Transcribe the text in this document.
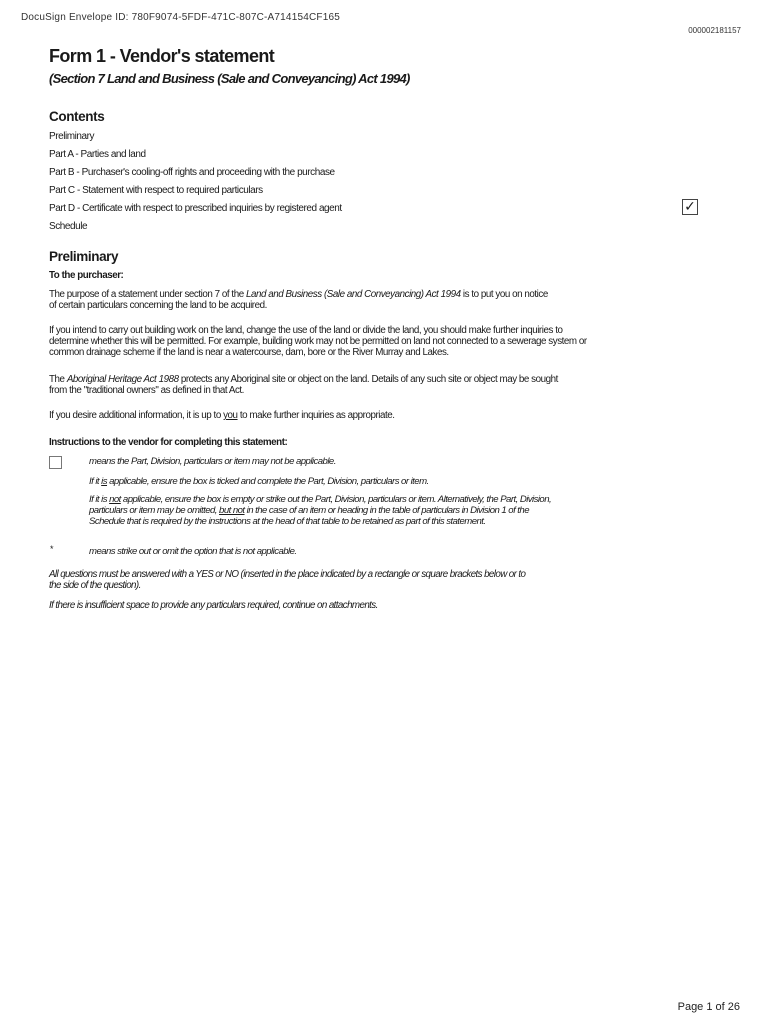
DocuSign Envelope ID: 780F9074-5FDF-471C-807C-A714154CF165
000002181157
Form 1 - Vendor's statement
(Section 7 Land and Business (Sale and Conveyancing) Act 1994)
Contents
Preliminary
Part A - Parties and land
Part B - Purchaser's cooling-off rights and proceeding with the purchase
Part C - Statement with respect to required particulars
Part D - Certificate with respect to prescribed inquiries by registered agent
Schedule
✓
Preliminary
To the purchaser:

The purpose of a statement under section 7 of the Land and Business (Sale and Conveyancing) Act 1994 is to put you on notice of certain particulars concerning the land to be acquired.

If you intend to carry out building work on the land, change the use of the land or divide the land, you should make further inquiries to determine whether this will be permitted. For example, building work may not be permitted on land not connected to a sewerage system or common drainage scheme if the land is near a watercourse, dam, bore or the River Murray and Lakes.

The Aboriginal Heritage Act 1988 protects any Aboriginal site or object on the land. Details of any such site or object may be sought from the "traditional owners" as defined in that Act.

If you desire additional information, it is up to you to make further inquiries as appropriate.

Instructions to the vendor for completing this statement:

means the Part, Division, particulars or item may not be applicable.

If it is applicable, ensure the box is ticked and complete the Part, Division, particulars or item.

If it is not applicable, ensure the box is empty or strike out the Part, Division, particulars or item. Alternatively, the Part, Division, particulars or item may be omitted, but not in the case of an item or heading in the table of particulars in Division 1 of the Schedule that is required by the instructions at the head of that table to be retained as part of this statement.

*	means strike out or omit the option that is not applicable.

All questions must be answered with a YES or NO (inserted in the place indicated by a rectangle or square brackets below or to the side of the question).

If there is insufficient space to provide any particulars required, continue on attachments.

Page 1 of 26
